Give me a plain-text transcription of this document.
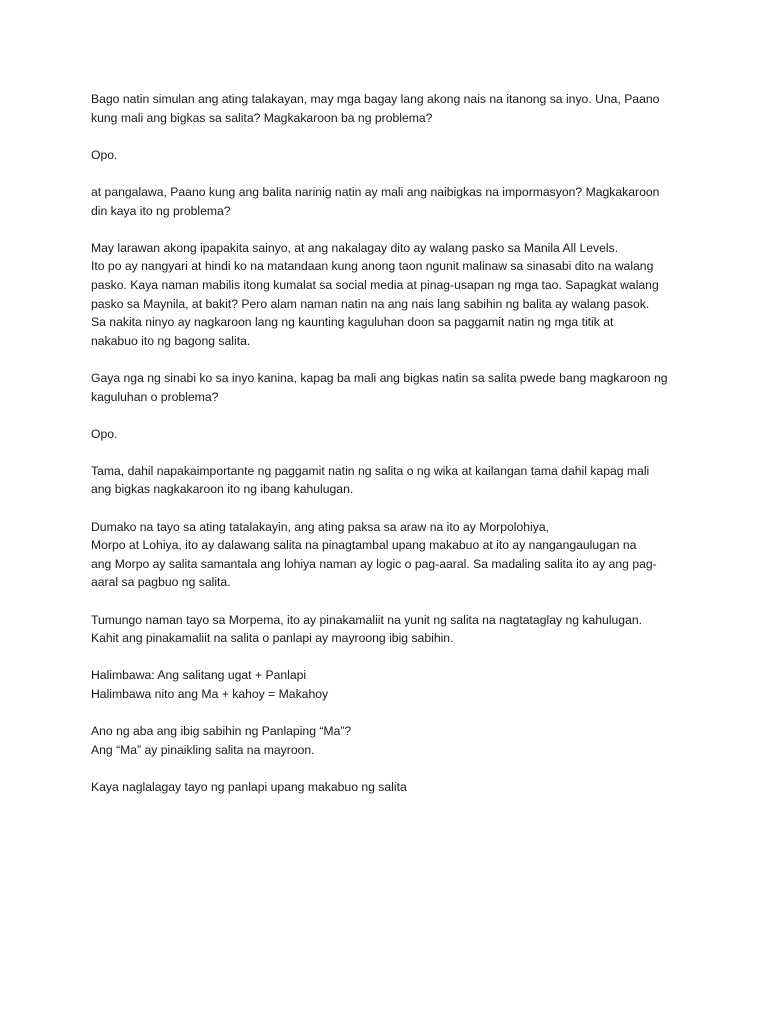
Bago natin simulan ang ating talakayan, may mga bagay lang akong nais na itanong sa inyo. Una, Paano
kung mali ang bigkas sa salita? Magkakaroon ba ng problema?

Opo.

at pangalawa, Paano kung ang balita narinig natin ay mali ang naibigkas na impormasyon? Magkakaroon
din kaya ito ng problema?

May larawan akong ipapakita sainyo, at ang nakalagay dito ay walang pasko sa Manila All Levels.
Ito po ay nangyari at hindi ko na matandaan kung anong taon ngunit malinaw sa sinasabi dito na walang
pasko. Kaya naman mabilis itong kumalat sa social media at pinag-usapan ng mga tao. Sapagkat walang
pasko sa Maynila, at bakit? Pero alam naman natin na ang nais lang sabihin ng balita ay walang pasok.
Sa nakita ninyo ay nagkaroon lang ng kaunting kaguluhan doon sa paggamit natin ng mga titik at
nakabuo ito ng bagong salita.

Gaya nga ng sinabi ko sa inyo kanina, kapag ba mali ang bigkas natin sa salita pwede bang magkaroon ng
kaguluhan o problema?

Opo.

Tama, dahil napakaimportante ng paggamit natin ng salita o ng wika at kailangan tama dahil kapag mali
ang bigkas nagkakaroon ito ng ibang kahulugan.

Dumako na tayo sa ating tatalakayin, ang ating paksa sa araw na ito ay Morpolohiya,
Morpo at Lohiya, ito ay dalawang salita na pinagtambal upang makabuo at ito ay nangangaulugan na
ang Morpo ay salita samantala ang lohiya naman ay logic o pag-aaral. Sa madaling salita ito ay ang pag-
aaral sa pagbuo ng salita.

Tumungo naman tayo sa Morpema, ito ay pinakamaliit na yunit ng salita na nagtataglay ng kahulugan.
Kahit ang pinakamaliit na salita o panlapi ay mayroong ibig sabihin.

Halimbawa: Ang salitang ugat + Panlapi
Halimbawa nito ang Ma + kahoy = Makahoy

Ano ng aba ang ibig sabihin ng Panlaping “Ma”?
Ang “Ma” ay pinaikling salita na mayroon.

Kaya naglalagay tayo ng panlapi upang makabuo ng salita
